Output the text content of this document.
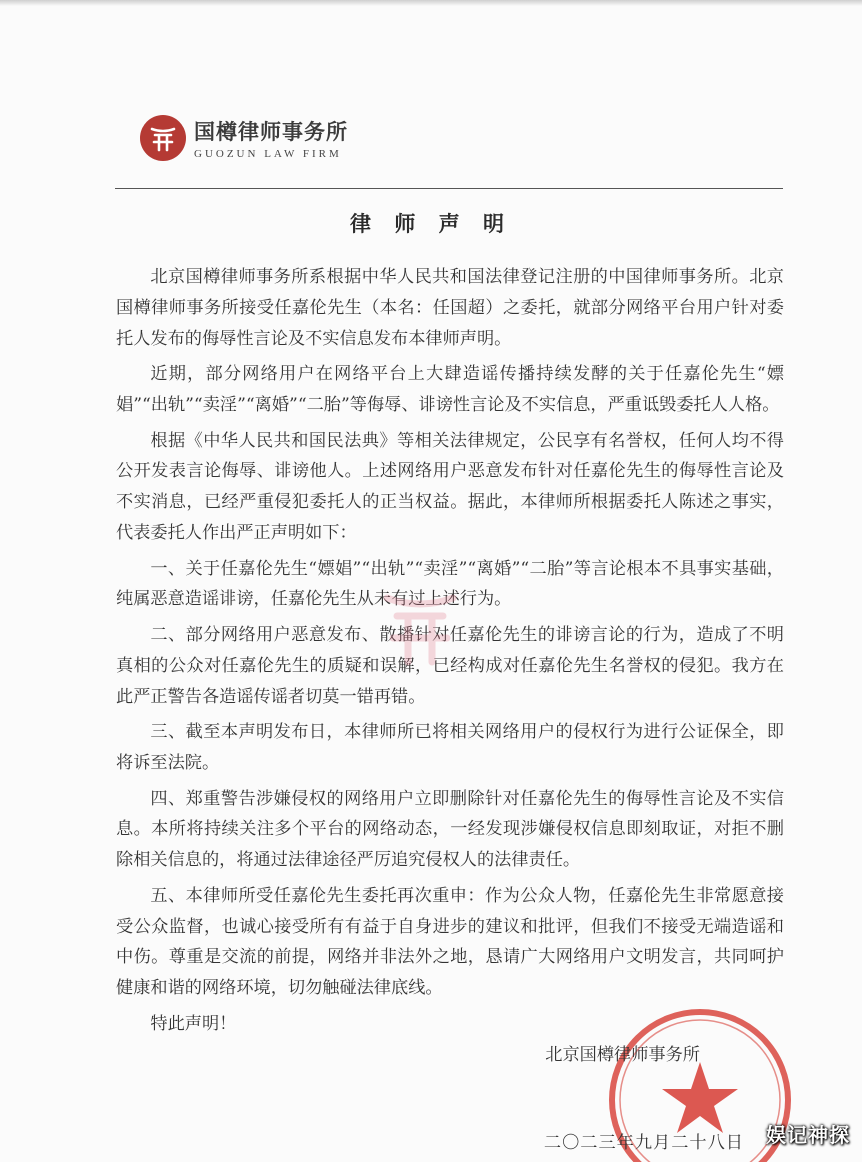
国樽律师事务所
GUOZUN LAW FIRM
律 师 声 明

北京国樽律师事务所系根据中华人民共和国法律登记注册的中国律师事务所。北京国樽律师事务所接受任嘉伦先生（本名：任国超）之委托，就部分网络平台用户针对委托人发布的侮辱性言论及不实信息发布本律师声明。

近期，部分网络用户在网络平台上大肆造谣传播持续发酵的关于任嘉伦先生“嫖娼”“出轨”“卖淫”“离婚”“二胎”等侮辱、诽谤性言论及不实信息，严重诋毁委托人人格。

根据《中华人民共和国民法典》等相关法律规定，公民享有名誉权，任何人均不得公开发表言论侮辱、诽谤他人。上述网络用户恶意发布针对任嘉伦先生的侮辱性言论及不实消息，已经严重侵犯委托人的正当权益。据此，本律师所根据委托人陈述之事实，代表委托人作出严正声明如下：

一、关于任嘉伦先生“嫖娼”“出轨”“卖淫”“离婚”“二胎”等言论根本不具事实基础，纯属恶意造谣诽谤，任嘉伦先生从未有过上述行为。

二、部分网络用户恶意发布、散播针对任嘉伦先生的诽谤言论的行为，造成了不明真相的公众对任嘉伦先生的质疑和误解，已经构成对任嘉伦先生名誉权的侵犯。我方在此严正警告各造谣传谣者切莫一错再错。

三、截至本声明发布日，本律师所已将相关网络用户的侵权行为进行公证保全，即将诉至法院。

四、郑重警告涉嫌侵权的网络用户立即删除针对任嘉伦先生的侮辱性言论及不实信息。本所将持续关注多个平台的网络动态，一经发现涉嫌侵权信息即刻取证，对拒不删除相关信息的，将通过法律途径严厉追究侵权人的法律责任。

五、本律师所受任嘉伦先生委托再次重申：作为公众人物，任嘉伦先生非常愿意接受公众监督，也诚心接受所有有益于自身进步的建议和批评，但我们不接受无端造谣和中伤。尊重是交流的前提，网络并非法外之地，恳请广大网络用户文明发言，共同呵护健康和谐的网络环境，切勿触碰法律底线。

特此声明！

北京国樽律师事务所
二〇二三年九月二十八日 娱记神探
